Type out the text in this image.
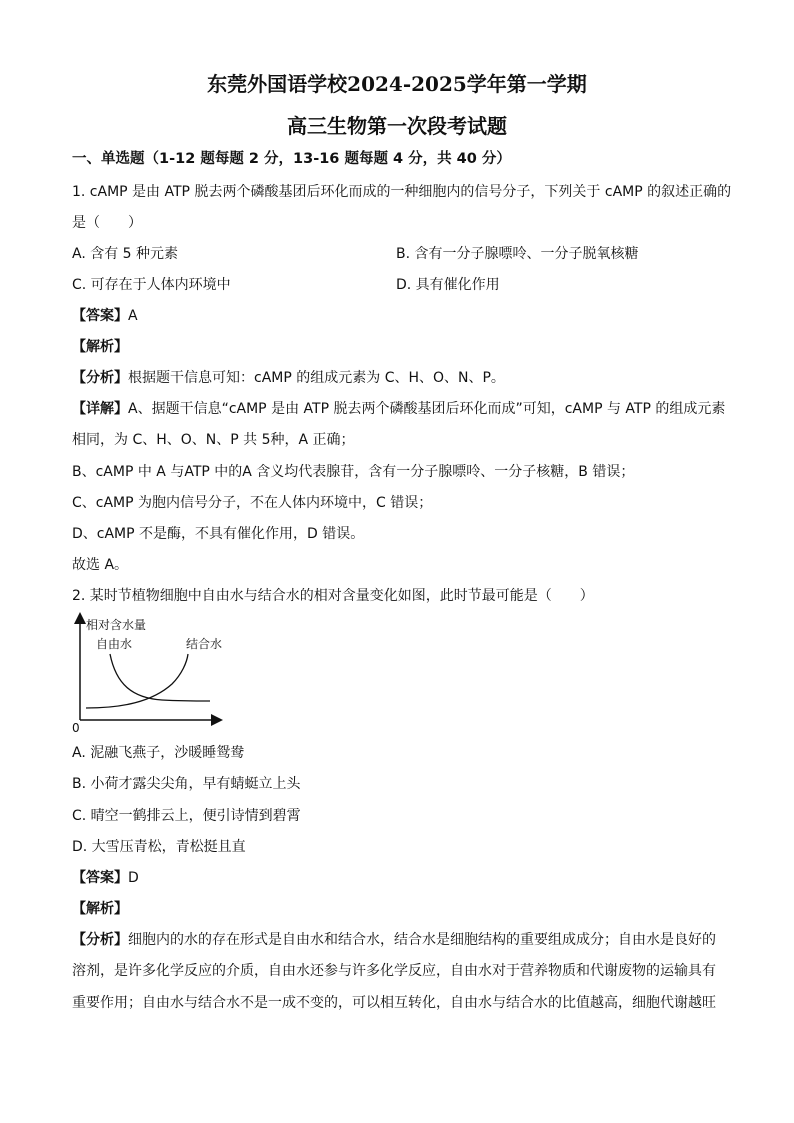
东莞外国语学校2024-2025学年第一学期
高三生物第一次段考试题
一、单选题（1-12 题每题 2 分，13-16 题每题 4 分，共 40 分）
1. cAMP 是由 ATP 脱去两个磷酸基团后环化而成的一种细胞内的信号分子，下列关于 cAMP 的叙述正确的
是（　　）
A. 含有 5 种元素	B. 含有一分子腺嘌呤、一分子脱氧核糖
C. 可存在于人体内环境中	D. 具有催化作用
【答案】A
【解析】
【分析】根据题干信息可知：cAMP 的组成元素为 C、H、O、N、P。
【详解】A、据题干信息“cAMP 是由 ATP 脱去两个磷酸基团后环化而成”可知，cAMP 与 ATP 的组成元素
相同，为 C、H、O、N、P 共 5种，A 正确；
B、cAMP 中 A 与ATP 中的A 含义均代表腺苷，含有一分子腺嘌呤、一分子核糖，B 错误；
C、cAMP 为胞内信号分子，不在人体内环境中，C 错误；
D、cAMP 不是酶，不具有催化作用，D 错误。
故选 A。
2. 某时节植物细胞中自由水与结合水的相对含量变化如图，此时节最可能是（　　）
相对含水量
0
自由水	结合水
A. 泥融飞燕子，沙暖睡鸳鸯
B. 小荷才露尖尖角，早有蜻蜓立上头
C. 晴空一鹤排云上，便引诗情到碧霄
D. 大雪压青松，青松挺且直
【答案】D
【解析】
【分析】细胞内的水的存在形式是自由水和结合水，结合水是细胞结构的重要组成成分；自由水是良好的
溶剂，是许多化学反应的介质，自由水还参与许多化学反应，自由水对于营养物质和代谢废物的运输具有
重要作用；自由水与结合水不是一成不变的，可以相互转化，自由水与结合水的比值越高，细胞代谢越旺
